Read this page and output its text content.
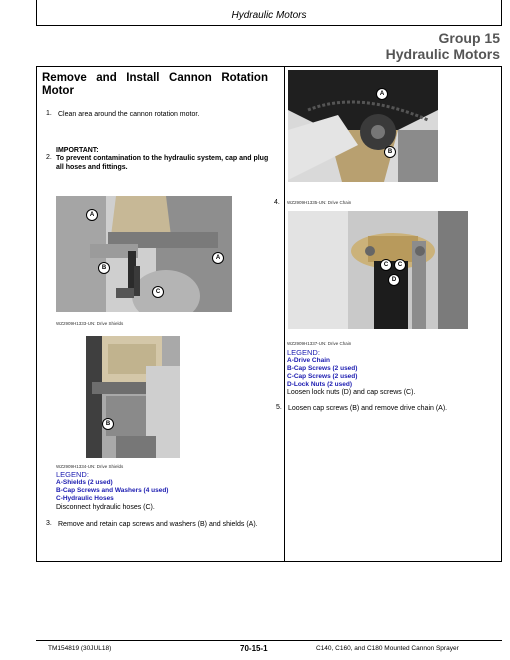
Hydraulic Motors
Group 15
Hydraulic Motors
Remove and Install Cannon Rotation Motor
1. Clean area around the cannon rotation motor.
IMPORTANT:
2. To prevent contamination to the hydraulic system, cap and plug all hoses and fittings.
A
A
B
C
WZ2909H1333-UN: Drive Shields
B
WZ2909H1334-UN: Drive Shields
LEGEND:
A-Shields (2 used)
B-Cap Screws and Washers (4 used)
C-Hydraulic Hoses
Disconnect hydraulic hoses (C).
3. Remove and retain cap screws and washers (B) and shields (A).
A
B
4. WZ2909H1335-UN: Drive Chain
C	C
D
WZ2909H1337-UN: Drive Chain
LEGEND:
A-Drive Chain
B-Cap Screws (2 used)
C-Cap Screws (2 used)
D-Lock Nuts (2 used)
Loosen lock nuts (D) and cap screws (C).
5. Loosen cap screws (B) and remove drive chain (A).
TM154819 (30JUL18)	70-15-1	C140, C160, and C180 Mounted Cannon Sprayer
